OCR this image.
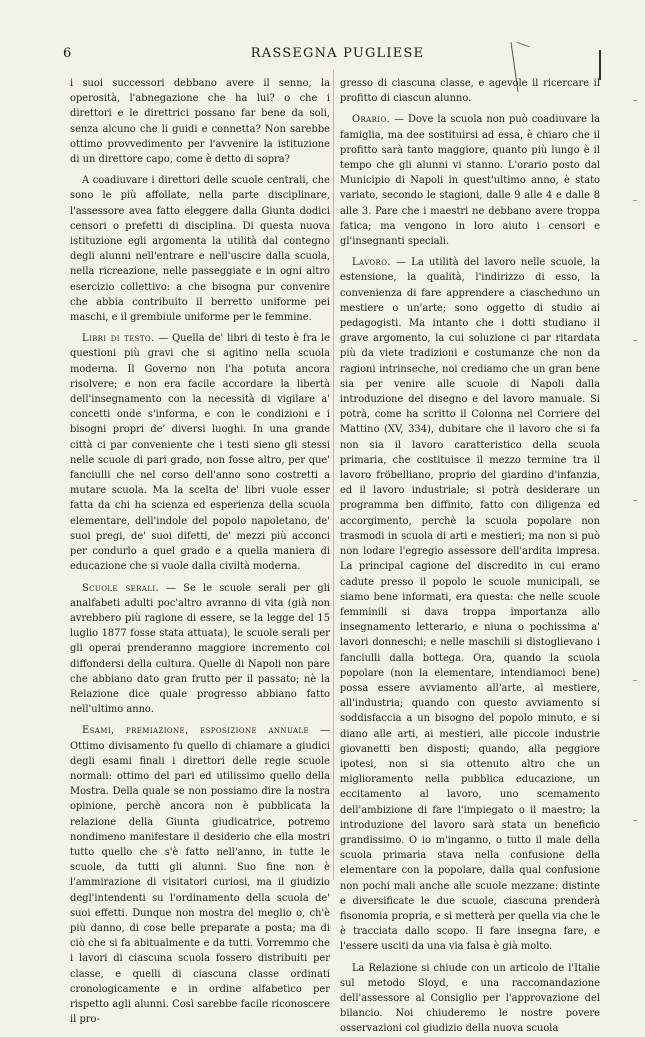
6	RASSEGNA PUGLIESE

i suoi successori debbano avere il senno, la operosità, l'abnegazione che ha lui? o che i direttori e le direttrici possano far bene da soli, senza alcuno che li guidi e connetta? Non sarebbe ottimo provvedimento per l'avvenire la istituzione di un direttore capo, come è detto di sopra?

A coadiuvare i direttori delle scuole centrali, che sono le più affollate, nella parte disciplinare, l'assessore avea fatto eleggere dalla Giunta dodici censori o prefetti di disciplina. Di questa nuova istituzione egli argomenta la utilità dal contegno degli alunni nell'entrare e nell'uscire dalla scuola, nella ricreazione, nelle passeggiate e in ogni altro esercizio collettivo: a che bisogna pur convenire che abbia contribuito il berretto uniforme pei maschi, e il grembiule uniforme per le femmine.

Libri di testo. — Quella de' libri di testo è fra le questioni più gravi che si agitino nella scuola moderna. Il Governo non l'ha potuta ancora risolvere; e non era facile accordare la libertà dell'insegnamento con la necessità di vigilare a' concetti onde s'informa, e con le condizioni e i bisogni propri de' diversi luoghi. In una grande città ci par conveniente che i testi sieno gli stessi nelle scuole di pari grado, non fosse altro, per que' fanciulli che nel corso dell'anno sono costretti a mutare scuola. Ma la scelta de' libri vuole esser fatta da chi ha scienza ed esperienza della scuola elementare, dell'indole del popolo napoletano, de' suoi pregi, de' suoi difetti, de' mezzi più acconci per condurlo a quel grado e a quella maniera di educazione che si vuole dalla civiltà moderna.

Scuole serali. — Se le scuole serali per gli analfabeti adulti poc'altro avranno di vita (già non avrebbero più ragione di essere, se la legge del 15 luglio 1877 fosse stata attuata), le scuole serali per gli operai prenderanno maggiore incremento col diffondersi della cultura. Quelle di Napoli non pare che abbiano dato gran frutto per il passato; nè la Relazione dice quale progresso abbiano fatto nell'ultimo anno.

Esami, premiazione, esposizione annuale — Ottimo divisamento fu quello di chiamare a giudici degli esami finali i direttori delle regie scuole normali: ottimo del pari ed utilissimo quello della Mostra. Della quale se non possiamo dire la nostra opinione, perchè ancora non è pubblicata la relazione della Giunta giudicatrice, potremo nondimeno manifestare il desiderio che ella mostri tutto quello che s'è fatto nell'anno, in tutte le scuole, da tutti gli alunni. Suo fine non è l'ammirazione di visitatori curiosi, ma il giudizio degl'intendenti su l'ordinamento della scuola de' suoi effetti. Dunque non mostra del meglio o, ch'è più danno, di cose belle preparate a posta; ma di ciò che si fa abitualmente e da tutti. Vorremmo che i lavori di ciascuna scuola fossero distribuiti per classe, e quelli di ciascuna classe ordinati cronologicamente e in ordine alfabetico per rispetto agli alunni. Così sarebbe facile riconoscere il pro-

gresso di ciascuna classe, e agevole il ricercare il profitto di ciascun alunno.

Orario. — Dove la scuola non può coadiuvare la famiglia, ma dee sostituirsi ad essa, è chiaro che il profitto sarà tanto maggiore, quanto più lungo è il tempo che gli alunni vi stanno. L'orario posto dal Municipio di Napoli in quest'ultimo anno, è stato variato, secondo le stagioni, dalle 9 alle 4 e dalle 8 alle 3. Pare che i maestri ne debbano avere troppa fatica; ma vengono in loro aiuto i censori e gl'insegnanti speciali.

Lavoro. — La utilità del lavoro nelle scuole, la estensione, la qualità, l'indirizzo di esso, la convenienza di fare apprendere a ciascheduno un mestiere o un'arte; sono oggetto di studio ai pedagogisti. Ma intanto che i dotti studiano il grave argomento, la cui soluzione ci par ritardata più da viete tradizioni e costumanze che non da ragioni intrinseche, noi crediamo che un gran bene sia per venire alle scuole di Napoli dalla introduzione del disegno e del lavoro manuale. Si potrà, come ha scritto il Colonna nel Corriere del Mattino (XV, 334), dubitare che il lavoro che si fa non sia il lavoro caratteristico della scuola primaria, che costituisce il mezzo termine tra il lavoro fröbelliano, proprio del giardino d'infanzia, ed il lavoro industriale; si potrà desiderare un programma ben diffinito, fatto con diligenza ed accorgimento, perchè la scuola popolare non trasmodi in scuola di arti e mestieri; ma non si può non lodare l'egregio assessore dell'ardita impresa. La principal cagione del discredito in cui erano cadute presso il popolo le scuole municipali, se siamo bene informati, era questa: che nelle scuole femminili si dava troppa importanza allo insegnamento letterario, e niuna o pochissima a' lavori donneschi; e nelle maschili si distoglievano i fanciulli dalla bottega. Ora, quando la scuola popolare (non la elementare, intendiamoci bene) possa essere avviamento all'arte, al mestiere, all'industria; quando con questo avviamento si soddisfaccia a un bisogno del popolo minuto, e si diano alle arti, ai mestieri, alle piccole industrie giovanetti ben disposti; quando, alla peggiore ipotesi, non si sia ottenuto altro che un miglioramento nella pubblica educazione, un eccitamento al lavoro, uno scemamento dell'ambizione di fare l'impiegato o il maestro; la introduzione del lavoro sarà stata un beneficio grandissimo. O io m'inganno, o tutto il male della scuola primaria stava nella confusione della elementare con la popolare, dalla qual confusione non pochi mali anche alle scuole mezzane: distinte e diversificate le due scuole, ciascuna prenderà fisonomia propria, e si metterà per quella via che le è tracciata dallo scopo. Il fare insegna fare, e l'essere usciti da una via falsa è già molto.

La Relazione si chiude con un articolo de l'Italie sul metodo Sloyd, e una raccomandazione dell'assessore al Consiglio per l'approvazione del bilancio. Noi chiuderemo le nostre povere osservazioni col giudizio della nuova scuola
